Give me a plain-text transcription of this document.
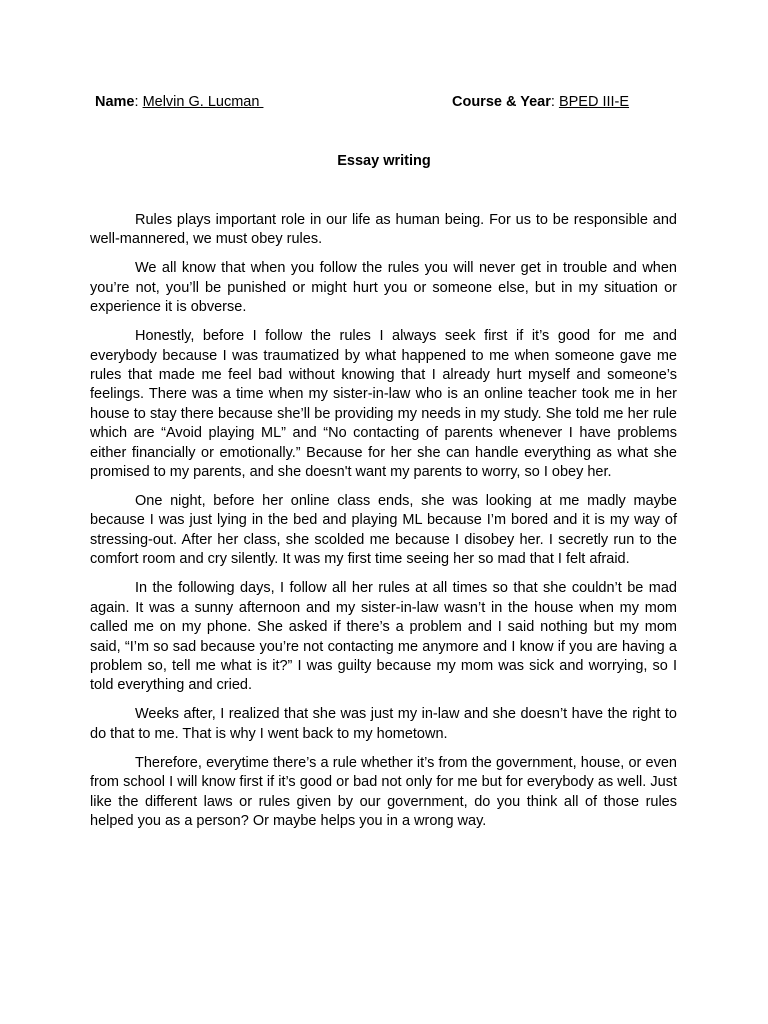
Name: Melvin G. Lucman	Course & Year: BPED III-E
Essay writing

Rules plays important role in our life as human being. For us to be responsible and well-mannered, we must obey rules.

We all know that when you follow the rules you will never get in trouble and when you’re not, you’ll be punished or might hurt you or someone else, but in my situation or experience it is obverse.

Honestly, before I follow the rules I always seek first if it’s good for me and everybody because I was traumatized by what happened to me when someone gave me rules that made me feel bad without knowing that I already hurt myself and someone’s feelings. There was a time when my sister-in-law who is an online teacher took me in her house to stay there because she’ll be providing my needs in my study. She told me her rule which are “Avoid playing ML” and “No contacting of parents whenever I have problems either financially or emotionally.” Because for her she can handle everything as what she promised to my parents, and she doesn't want my parents to worry, so I obey her.

One night, before her online class ends, she was looking at me madly maybe because I was just lying in the bed and playing ML because I’m bored and it is my way of stressing-out. After her class, she scolded me because I disobey her. I secretly run to the comfort room and cry silently. It was my first time seeing her so mad that I felt afraid.

In the following days, I follow all her rules at all times so that she couldn’t be mad again. It was a sunny afternoon and my sister-in-law wasn’t in the house when my mom called me on my phone. She asked if there’s a problem and I said nothing but my mom said, “I’m so sad because you’re not contacting me anymore and I know if you are having a problem so, tell me what is it?” I was guilty because my mom was sick and worrying, so I told everything and cried.

Weeks after, I realized that she was just my in-law and she doesn’t have the right to do that to me. That is why I went back to my hometown.

Therefore, everytime there’s a rule whether it’s from the government, house, or even from school I will know first if it’s good or bad not only for me but for everybody as well. Just like the different laws or rules given by our government, do you think all of those rules helped you as a person? Or maybe helps you in a wrong way.
